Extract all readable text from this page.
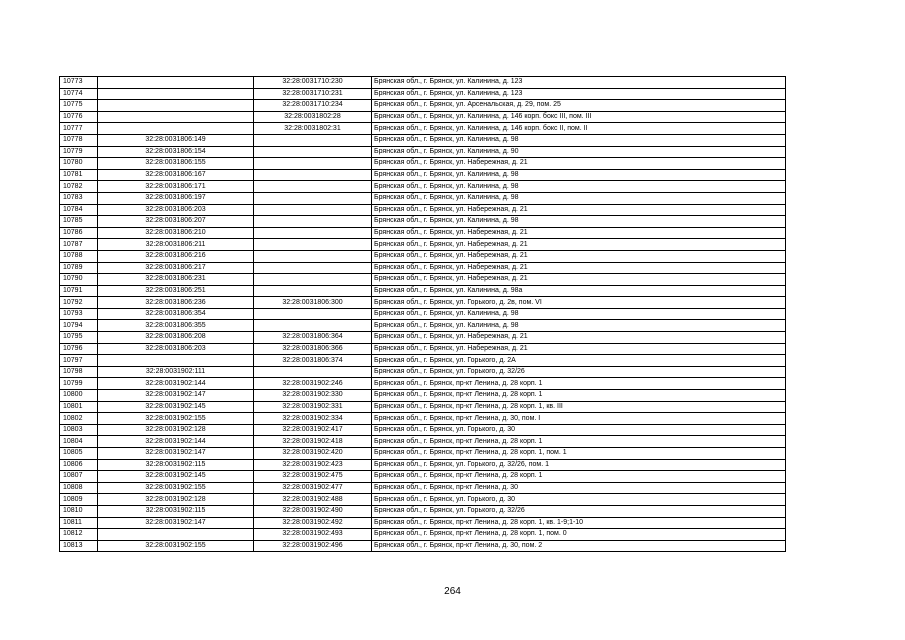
10773		32:28:0031710:230	Брянская обл., г. Брянск, ул. Калинина, д. 123
10774		32:28:0031710:231	Брянская обл., г. Брянск, ул. Калинина, д. 123
10775		32:28:0031710:234	Брянская обл., г. Брянск, ул. Арсенальская, д. 29, пом. 25
10776		32:28:0031802:28	Брянская обл., г. Брянск, ул. Калинина, д. 146 корп. бокс III, пом. III
10777		32:28:0031802:31	Брянская обл., г. Брянск, ул. Калинина, д. 146 корп. бокс II, пом. II
10778	32:28:0031806:149		Брянская обл., г. Брянск, ул. Калинина, д. 98
10779	32:28:0031806:154		Брянская обл., г. Брянск, ул. Калинина, д. 90
10780	32:28:0031806:155		Брянская обл., г. Брянск, ул. Набережная, д. 21
10781	32:28:0031806:167		Брянская обл., г. Брянск, ул. Калинина, д. 98
10782	32:28:0031806:171		Брянская обл., г. Брянск, ул. Калинина, д. 98
10783	32:28:0031806:197		Брянская обл., г. Брянск, ул. Калинина, д. 98
10784	32:28:0031806:203		Брянская обл., г. Брянск, ул. Набережная, д. 21
10785	32:28:0031806:207		Брянская обл., г. Брянск, ул. Калинина, д. 98
10786	32:28:0031806:210		Брянская обл., г. Брянск, ул. Набережная, д. 21
10787	32:28:0031806:211		Брянская обл., г. Брянск, ул. Набережная, д. 21
10788	32:28:0031806:216		Брянская обл., г. Брянск, ул. Набережная, д. 21
10789	32:28:0031806:217		Брянская обл., г. Брянск, ул. Набережная, д. 21
10790	32:28:0031806:231		Брянская обл., г. Брянск, ул. Набережная, д. 21
10791	32:28:0031806:251		Брянская обл., г. Брянск, ул. Калинина, д. 98а
10792	32:28:0031806:236	32:28:0031806:300	Брянская обл., г. Брянск, ул. Горького, д. 2в, пом. VI
10793	32:28:0031806:354		Брянская обл., г. Брянск, ул. Калинина, д. 98
10794	32:28:0031806:355		Брянская обл., г. Брянск, ул. Калинина, д. 98
10795	32:28:0031806:208	32:28:0031806:364	Брянская обл., г. Брянск, ул. Набережная, д. 21
10796	32:28:0031806:203	32:28:0031806:366	Брянская обл., г. Брянск, ул. Набережная, д. 21
10797		32:28:0031806:374	Брянская обл., г. Брянск, ул. Горького, д. 2А
10798	32:28:0031902:111		Брянская обл., г. Брянск, ул. Горького, д. 32/26
10799	32:28:0031902:144	32:28:0031902:246	Брянская обл., г. Брянск, пр-кт Ленина, д. 28 корп. 1
10800	32:28:0031902:147	32:28:0031902:330	Брянская обл., г. Брянск, пр-кт Ленина, д. 28 корп. 1
10801	32:28:0031902:145	32:28:0031902:331	Брянская обл., г. Брянск, пр-кт Ленина, д. 28 корп. 1, кв. III
10802	32:28:0031902:155	32:28:0031902:334	Брянская обл., г. Брянск, пр-кт Ленина, д. 30, пом. I
10803	32:28:0031902:128	32:28:0031902:417	Брянская обл., г. Брянск, ул. Горького, д. 30
10804	32:28:0031902:144	32:28:0031902:418	Брянская обл., г. Брянск, пр-кт Ленина, д. 28 корп. 1
10805	32:28:0031902:147	32:28:0031902:420	Брянская обл., г. Брянск, пр-кт Ленина, д. 28 корп. 1, пом. 1
10806	32:28:0031902:115	32:28:0031902:423	Брянская обл., г. Брянск, ул. Горького, д. 32/26, пом. 1
10807	32:28:0031902:145	32:28:0031902:475	Брянская обл., г. Брянск, пр-кт Ленина, д. 28 корп. 1
10808	32:28:0031902:155	32:28:0031902:477	Брянская обл., г. Брянск, пр-кт Ленина, д. 30
10809	32:28:0031902:128	32:28:0031902:488	Брянская обл., г. Брянск, ул. Горького, д. 30
10810	32:28:0031902:115	32:28:0031902:490	Брянская обл., г. Брянск, ул. Горького, д. 32/26
10811	32:28:0031902:147	32:28:0031902:492	Брянская обл., г. Брянск, пр-кт Ленина, д. 28 корп. 1, кв. 1-9;1-10
10812		32:28:0031902:493	Брянская обл., г. Брянск, пр-кт Ленина, д. 28 корп. 1, пом. 0
10813	32:28:0031902:155	32:28:0031902:496	Брянская обл., г. Брянск, пр-кт Ленина, д. 30, пом. 2
264
